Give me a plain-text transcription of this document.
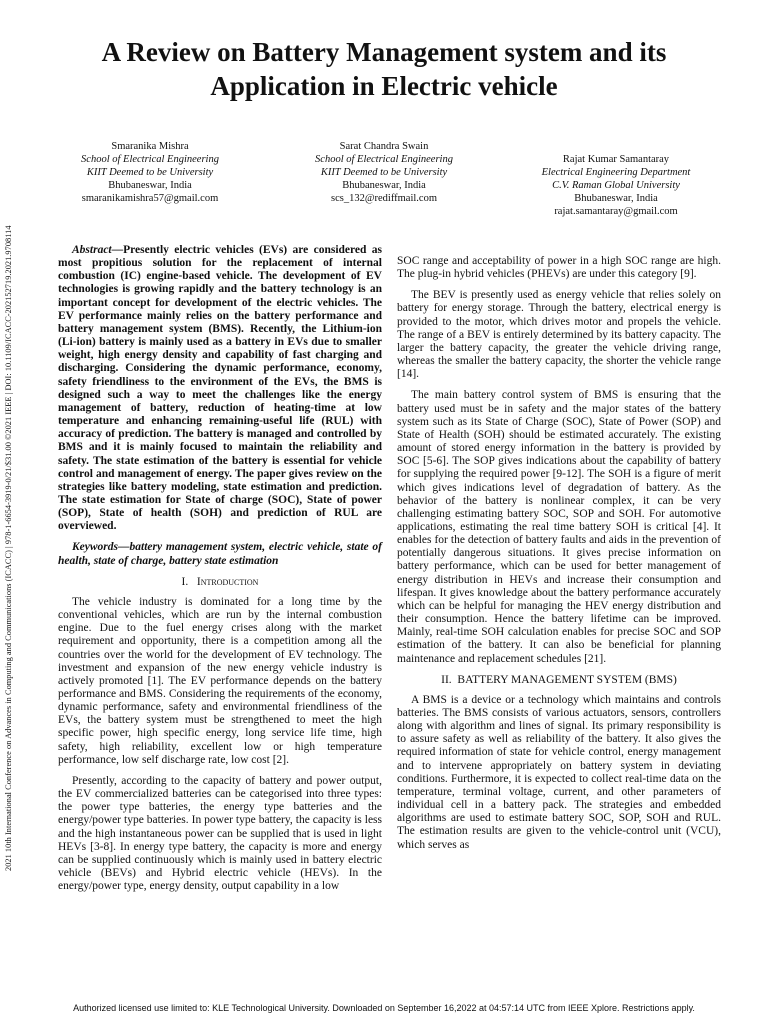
A Review on Battery Management system and its
Application in Electric vehicle
2021 10th International Conference on Advances in Computing and Communications (ICACC) | 978-1-6654-3919-0/21/$31.00 ©2021 IEEE | DOI: 10.1109/ICACC-202152719.2021.9708114
Smaranika Mishra
School of Electrical Engineering
KIIT Deemed to be University
Bhubaneswar, India
smaranikamishra57@gmail.com
Sarat Chandra Swain
School of Electrical Engineering
KIIT Deemed to be University
Bhubaneswar, India
scs_132@rediffmail.com
Rajat Kumar Samantaray
Electrical Engineering Department
C.V. Raman Global University
Bhubaneswar, India
rajat.samantaray@gmail.com

Abstract—Presently electric vehicles (EVs) are considered as most propitious solution for the replacement of internal combustion (IC) engine-based vehicle. The development of EV technologies is growing rapidly and the battery technology is an important concept for development of the electric vehicles. The EV performance mainly relies on the battery performance and battery management system (BMS). Recently, the Lithium-ion (Li-ion) battery is mainly used as a battery in EVs due to smaller weight, high energy density and capability of fast charging and discharging. Considering the dynamic performance, economy, safety friendliness to the environment of the EVs, the BMS is designed such a way to meet the challenges like the energy management of battery, reduction of heating-time at low temperature and enhancing remaining-useful life (RUL) with accuracy of prediction. The battery is managed and controlled by BMS and it is mainly focused to maintain the reliability and safety. The state estimation of the battery is essential for vehicle control and management of energy. The paper gives review on the strategies like battery modeling, state estimation and prediction. The state estimation for State of charge (SOC), State of power (SOP), State of health (SOH) and prediction of RUL are overviewed.

Keywords—battery management system, electric vehicle, state of health, state of charge, battery state estimation

I. Introduction

The vehicle industry is dominated for a long time by the conventional vehicles, which are run by the internal combustion engine. Due to the fuel energy crises along with the market requirement and opportunity, there is a competition among all the countries over the world for the development of EV technology. The investment and expansion of the new energy vehicle industry is actively promoted [1]. The EV performance depends on the battery performance and BMS. Considering the requirements of the economy, dynamic performance, safety and environmental friendliness of the EVs, the battery system must be strengthened to meet the high specific power, high specific energy, long service life time, high safety, high reliability, excellent low or high temperature performance, low self discharge rate, low cost [2].

Presently, according to the capacity of battery and power output, the EV commercialized batteries can be categorised into three types: the power type batteries, the energy type batteries and the energy/power type batteries. In power type battery, the capacity is less and the high instantaneous power can be supplied that is used in light HEVs [3-8]. In energy type battery, the capacity is more and energy can be supplied continuously which is mainly used in battery electric vehicle (BEVs) and Hybrid electric vehicle (HEVs). In the energy/power type, energy density, output capability in a low

SOC range and acceptability of power in a high SOC range are high. The plug-in hybrid vehicles (PHEVs) are under this category [9].

The BEV is presently used as energy vehicle that relies solely on battery for energy storage. Through the battery, electrical energy is provided to the motor, which drives motor and propels the vehicle. The range of a BEV is entirely determined by its battery capacity. The larger the battery capacity, the greater the vehicle driving range, whereas the smaller the battery capacity, the shorter the vehicle range [14].

The main battery control system of BMS is ensuring that the battery used must be in safety and the major states of the battery system such as its State of Charge (SOC), State of Power (SOP) and State of Health (SOH) should be estimated accurately. The existing amount of stored energy information in the battery is provided by SOC [5-6]. The SOP gives indications about the capability of battery for supplying the required power [9-12]. The SOH is a figure of merit which gives indications level of degradation of battery. As the behavior of the battery is nonlinear complex, it can be very challenging estimating battery SOC, SOP and SOH. For automotive applications, estimating the real time battery SOH is critical [4]. It enables for the detection of battery faults and aids in the prevention of potentially dangerous situations. It gives precise information on battery performance, which can be used for better management of energy distribution in HEVs and increase their consumption and lifespan. It gives knowledge about the battery performance accurately which can be helpful for managing the HEV energy distribution and their consumption. Hence the battery lifetime can be improved. Mainly, real-time SOH calculation enables for precise SOC and SOP estimation of the battery. It can also be beneficial for planning maintenance and replacement schedules [21].

II. BATTERY MANAGEMENT SYSTEM (BMS)

A BMS is a device or a technology which maintains and controls batteries. The BMS consists of various actuators, sensors, controllers along with algorithm and lines of signal. Its primary responsibility is to assure safety as well as reliability of the battery. It also gives the required information of state for vehicle control, energy management and to intervene appropriately on battery system in deviating conditions. Furthermore, it is expected to collect real-time data on the temperature, terminal voltage, current, and other parameters of individual cell in a battery pack. The strategies and embedded algorithms are used to estimate battery SOC, SOP, SOH and RUL. The estimation results are given to the vehicle-control unit (VCU), which serves as

Authorized licensed use limited to: KLE Technological University. Downloaded on September 16,2022 at 04:57:14 UTC from IEEE Xplore. Restrictions apply.
